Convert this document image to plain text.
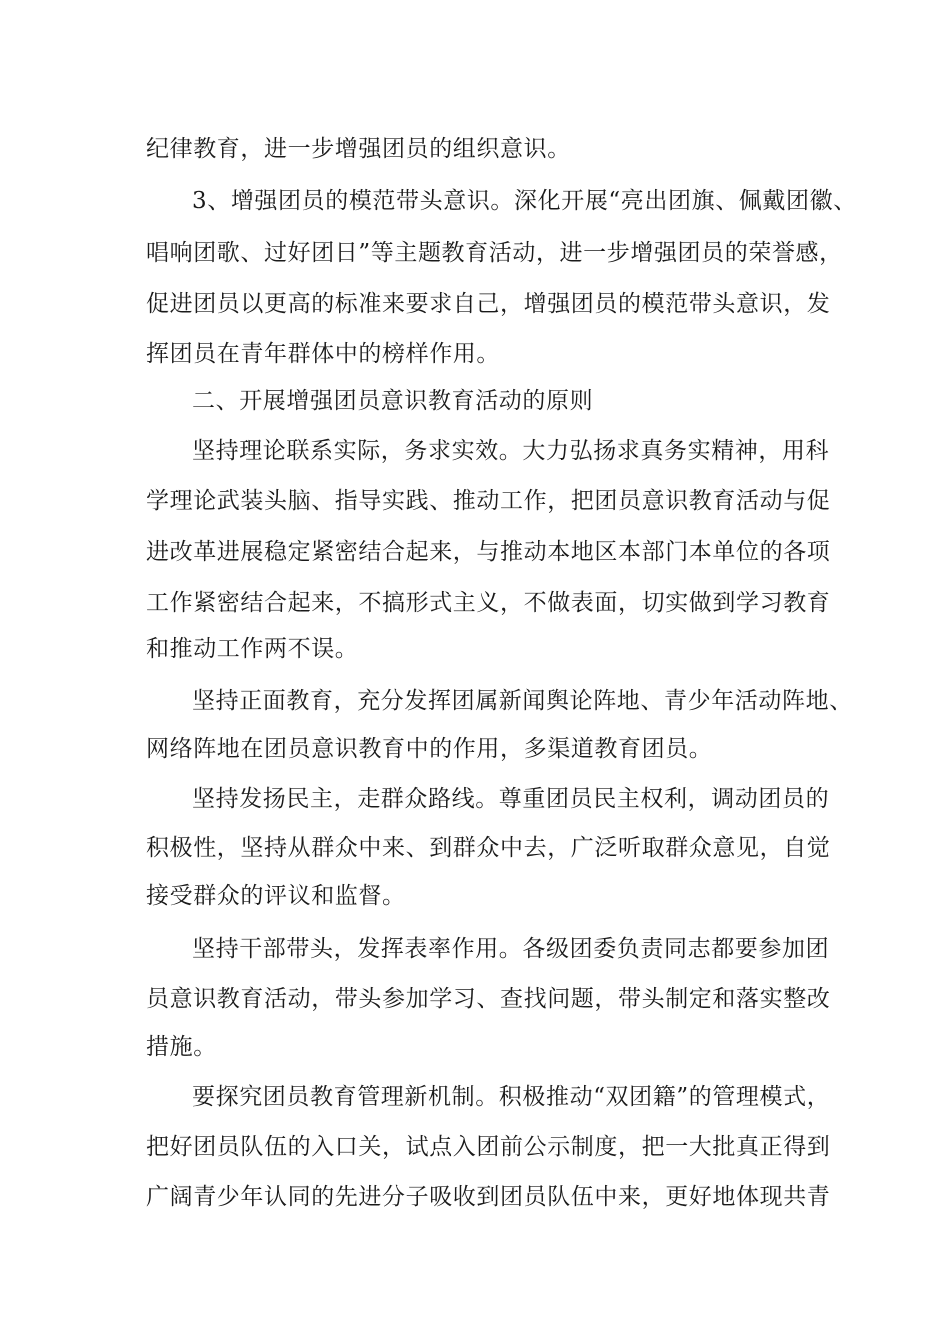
纪律教育，进一步增强团员的组织意识。
3、增强团员的模范带头意识。深化开展“亮出团旗、佩戴团徽、
唱响团歌、过好团日”等主题教育活动，进一步增强团员的荣誉感，
促进团员以更高的标准来要求自己，增强团员的模范带头意识，发
挥团员在青年群体中的榜样作用。
二、开展增强团员意识教育活动的原则
坚持理论联系实际，务求实效。大力弘扬求真务实精神，用科
学理论武装头脑、指导实践、推动工作，把团员意识教育活动与促
进改革进展稳定紧密结合起来，与推动本地区本部门本单位的各项
工作紧密结合起来，不搞形式主义，不做表面，切实做到学习教育
和推动工作两不误。
坚持正面教育，充分发挥团属新闻舆论阵地、青少年活动阵地、
网络阵地在团员意识教育中的作用，多渠道教育团员。
坚持发扬民主，走群众路线。尊重团员民主权利，调动团员的
积极性，坚持从群众中来、到群众中去，广泛听取群众意见，自觉
接受群众的评议和监督。
坚持干部带头，发挥表率作用。各级团委负责同志都要参加团
员意识教育活动，带头参加学习、查找问题，带头制定和落实整改
措施。
要探究团员教育管理新机制。积极推动“双团籍”的管理模式，
把好团员队伍的入口关，试点入团前公示制度，把一大批真正得到
广阔青少年认同的先进分子吸收到团员队伍中来，更好地体现共青
